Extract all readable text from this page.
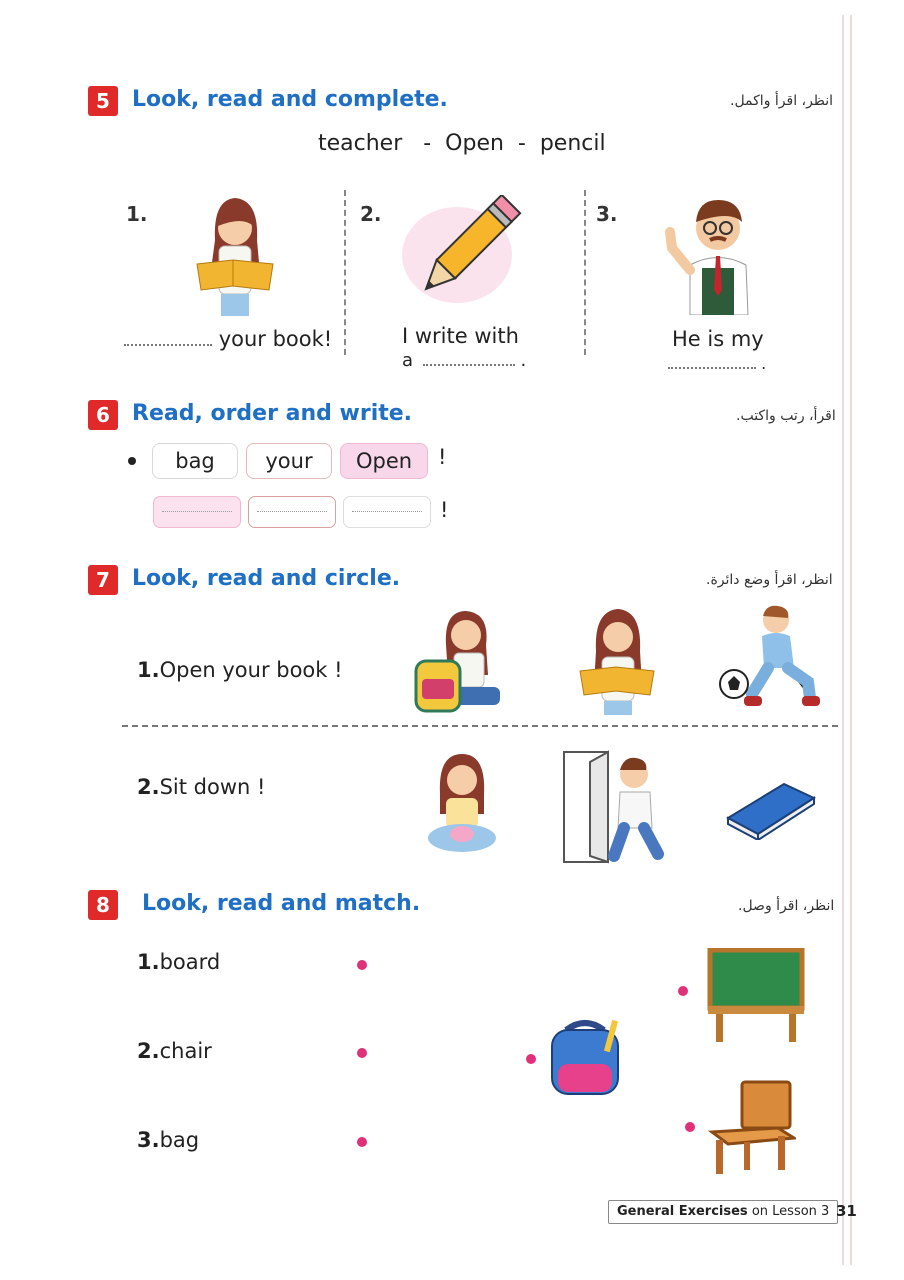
5	Look, read and complete.	انظر، اقرأ واكمل.
teacher   -  Open  -  pencil
1.	2.	3.
your book!	I write with
a	.
He is my
.
6	Read, order and write.	اقرأ، رتب واكتب.
bag	your	Open	!
!
7	Look, read and circle.	انظر، اقرأ وضع دائرة.
1.Open your book !
2.Sit down !
8	Look, read and match.	انظر، اقرأ وصل.
1.board
2.chair
3.bag
General Exercises on Lesson 3 31
